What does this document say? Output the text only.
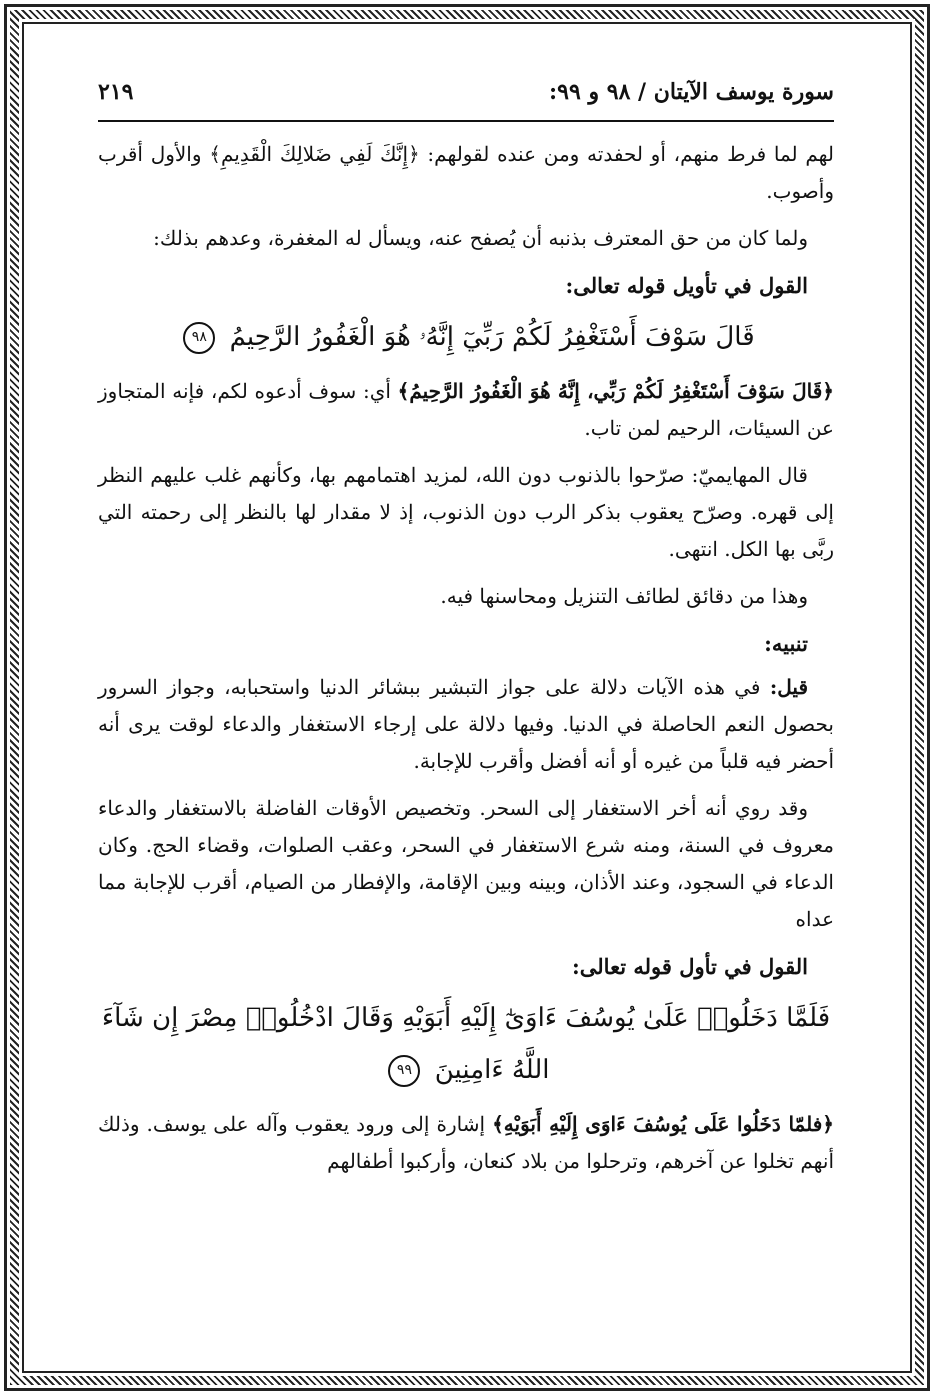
سورة يوسف الآيتان / ٩٨ و ٩٩:
٢١٩

لهم لما فرط منهم، أو لحفدته ومن عنده لقولهم: ﴿إِنَّكَ لَفِي ضَلالِكَ الْقَدِيمِ﴾ والأول أقرب وأصوب.

ولما كان من حق المعترف بذنبه أن يُصفح عنه، ويسأل له المغفرة، وعدهم بذلك:

القول في تأويل قوله تعالى:
قَالَ سَوْفَ أَسْتَغْفِرُ لَكُمْ رَبِّيٓ إِنَّهُۥ هُوَ الْغَفُورُ الرَّحِيمُ ٩٨

﴿قَالَ سَوْفَ أَسْتَغْفِرُ لَكُمْ رَبِّي، إِنَّهُ هُوَ الْغَفُورُ الرَّحِيمُ﴾ أي: سوف أدعوه لكم، فإنه المتجاوز عن السيئات، الرحيم لمن تاب.

قال المهايميّ: صرّحوا بالذنوب دون الله، لمزيد اهتمامهم بها، وكأنهم غلب عليهم النظر إلى قهره. وصرّح يعقوب بذكر الرب دون الذنوب، إذ لا مقدار لها بالنظر إلى رحمته التي ربَّى بها الكل. انتهى.

وهذا من دقائق لطائف التنزيل ومحاسنها فيه.

تنبيه:

قيل: في هذه الآيات دلالة على جواز التبشير ببشائر الدنيا واستحبابه، وجواز السرور بحصول النعم الحاصلة في الدنيا. وفيها دلالة على إرجاء الاستغفار والدعاء لوقت يرى أنه أحضر فيه قلباً من غيره أو أنه أفضل وأقرب للإجابة.

وقد روي أنه أخر الاستغفار إلى السحر. وتخصيص الأوقات الفاضلة بالاستغفار والدعاء معروف في السنة، ومنه شرع الاستغفار في السحر، وعقب الصلوات، وقضاء الحج. وكان الدعاء في السجود، وعند الأذان، وبينه وبين الإقامة، والإفطار من الصيام، أقرب للإجابة مما عداه

القول في تأول قوله تعالى:
فَلَمَّا دَخَلُوا۟ عَلَىٰ يُوسُفَ ءَاوَىٰٓ إِلَيْهِ أَبَوَيْهِ وَقَالَ ادْخُلُوا۟ مِصْرَ إِن شَآءَ اللَّهُ ءَامِنِينَ ٩٩

﴿فلمّا دَخَلُوا عَلَى يُوسُفَ ءَاوَى إِلَيْهِ أَبَوَيْهِ﴾ إشارة إلى ورود يعقوب وآله على يوسف. وذلك أنهم تخلوا عن آخرهم، وترحلوا من بلاد كنعان، وأركبوا أطفالهم
